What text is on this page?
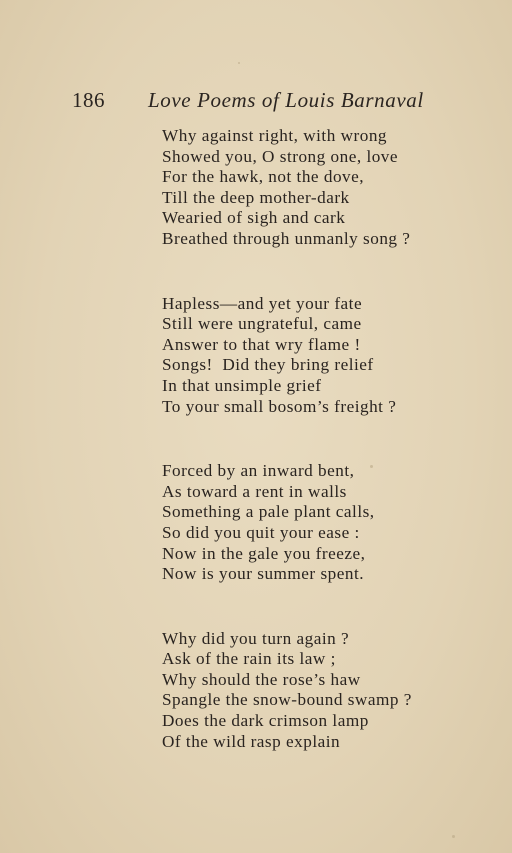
186 Love Poems of Louis Barnaval
Why against right, with wrong
Showed you, O strong one, love
For the hawk, not the dove,
Till the deep mother-dark
Wearied of sigh and cark
Breathed through unmanly song ?
Hapless—and yet your fate
Still were ungrateful, came
Answer to that wry flame !
Songs!  Did they bring relief
In that unsimple grief
To your small bosom’s freight ?
Forced by an inward bent,
As toward a rent in walls
Something a pale plant calls,
So did you quit your ease :
Now in the gale you freeze,
Now is your summer spent.
Why did you turn again ?
Ask of the rain its law ;
Why should the rose’s haw
Spangle the snow-bound swamp ?
Does the dark crimson lamp
Of the wild rasp explain
